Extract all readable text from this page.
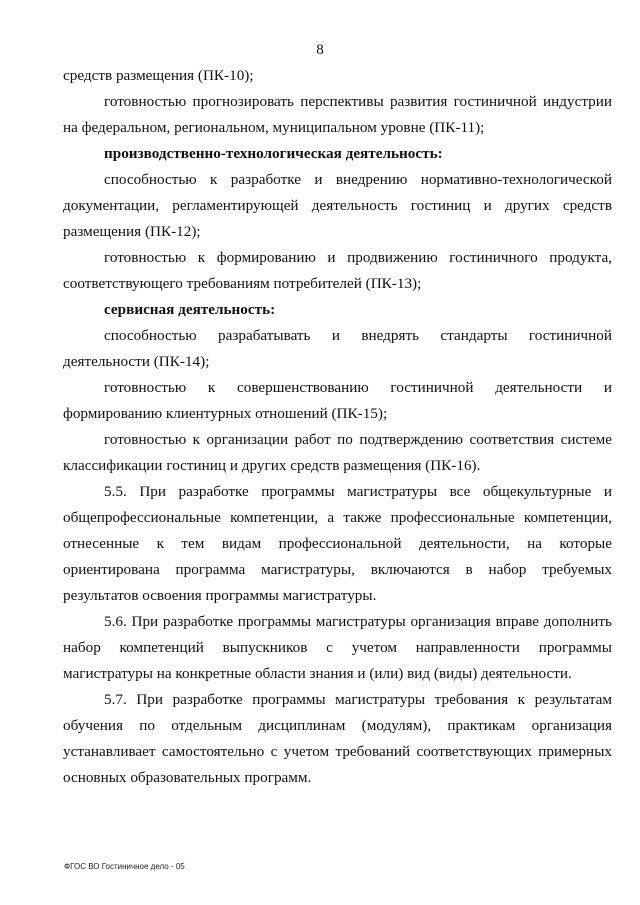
8

средств размещения (ПК-10);

готовностью прогнозировать перспективы развития гостиничной индустрии на федеральном, региональном, муниципальном уровне (ПК-11);

производственно-технологическая деятельность:

способностью к разработке и внедрению нормативно-технологической документации, регламентирующей деятельность гостиниц и других средств размещения (ПК-12);

готовностью к формированию и продвижению гостиничного продукта, соответствующего требованиям потребителей (ПК-13);

сервисная деятельность:

способностью разрабатывать и внедрять стандарты гостиничной деятельности (ПК-14);

готовностью к совершенствованию гостиничной деятельности и формированию клиентурных отношений (ПК-15);

готовностью к организации работ по подтверждению соответствия системе классификации гостиниц и других средств размещения (ПК-16).

5.5. При разработке программы магистратуры все общекультурные и общепрофессиональные компетенции, а также профессиональные компетенции, отнесенные к тем видам профессиональной деятельности, на которые ориентирована программа магистратуры, включаются в набор требуемых результатов освоения программы магистратуры.

5.6. При разработке программы магистратуры организация вправе дополнить набор компетенций выпускников с учетом направленности программы магистратуры на конкретные области знания и (или) вид (виды) деятельности.

5.7. При разработке программы магистратуры требования к результатам обучения по отдельным дисциплинам (модулям), практикам организация устанавливает самостоятельно с учетом требований соответствующих примерных основных образовательных программ.

ФГОС ВО Гостиничное дело - 05
